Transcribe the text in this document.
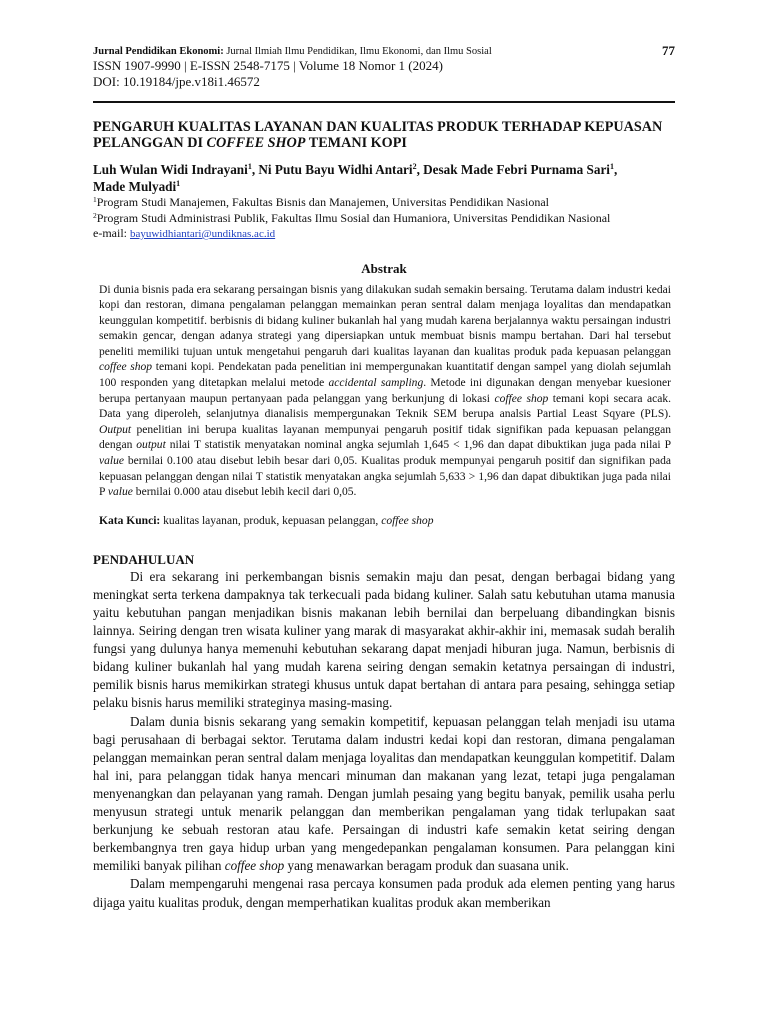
Jurnal Pendidikan Ekonomi: Jurnal Ilmiah Ilmu Pendidikan, Ilmu Ekonomi, dan Ilmu Sosial	77
ISSN 1907-9990 | E-ISSN 2548-7175 | Volume 18 Nomor 1 (2024)
DOI: 10.19184/jpe.v18i1.46572
PENGARUH KUALITAS LAYANAN DAN KUALITAS PRODUK TERHADAP KEPUASAN PELANGGAN DI COFFEE SHOP TEMANI KOPI
Luh Wulan Widi Indrayani$^1$, Ni Putu Bayu Widhi Antari$^2$, Desak Made Febri Purnama Sari$^1$,
Made Mulyadi$^1$
$^1$Program Studi Manajemen, Fakultas Bisnis dan Manajemen, Universitas Pendidikan Nasional
$^2$Program Studi Administrasi Publik, Fakultas Ilmu Sosial dan Humaniora, Universitas Pendidikan Nasional
e-mail: bayuwidhiantari@undiknas.ac.id
Abstrak
Di dunia bisnis pada era sekarang persaingan bisnis yang dilakukan sudah semakin bersaing. Terutama dalam industri kedai kopi dan restoran, dimana pengalaman pelanggan memainkan peran sentral dalam menjaga loyalitas dan mendapatkan keunggulan kompetitif. berbisnis di bidang kuliner bukanlah hal yang mudah karena berjalannya waktu persaingan industri semakin gencar, dengan adanya strategi yang dipersiapkan untuk membuat bisnis mampu bertahan. Dari hal tersebut peneliti memiliki tujuan untuk mengetahui pengaruh dari kualitas layanan dan kualitas produk pada kepuasan pelanggan coffee shop temani kopi. Pendekatan pada penelitian ini mempergunakan kuantitatif dengan sampel yang diolah sejumlah 100 responden yang ditetapkan melalui metode accidental sampling. Metode ini digunakan dengan menyebar kuesioner berupa pertanyaan maupun pertanyaan pada pelanggan yang berkunjung di lokasi coffee shop temani kopi secara acak. Data yang diperoleh, selanjutnya dianalisis mempergunakan Teknik SEM berupa analsis Partial Least Sqyare (PLS). Output penelitian ini berupa kualitas layanan mempunyai pengaruh positif tidak signifikan pada kepuasan pelanggan dengan output nilai T statistik menyatakan nominal angka sejumlah 1,645 < 1,96 dan dapat dibuktikan juga pada nilai P value bernilai 0.100 atau disebut lebih besar dari 0,05. Kualitas produk mempunyai pengaruh positif dan signifikan pada kepuasan pelanggan dengan nilai T statistik menyatakan angka sejumlah 5,633 > 1,96 dan dapat dibuktikan juga pada nilai P value bernilai 0.000 atau disebut lebih kecil dari 0,05.
Kata Kunci: kualitas layanan, produk, kepuasan pelanggan, coffee shop
PENDAHULUAN

Di era sekarang ini perkembangan bisnis semakin maju dan pesat, dengan berbagai bidang yang meningkat serta terkena dampaknya tak terkecuali pada bidang kuliner. Salah satu kebutuhan utama manusia yaitu kebutuhan pangan menjadikan bisnis makanan lebih bernilai dan berpeluang dibandingkan bisnis lainnya. Seiring dengan tren wisata kuliner yang marak di masyarakat akhir-akhir ini, memasak sudah beralih fungsi yang dulunya hanya memenuhi kebutuhan sekarang dapat menjadi hiburan juga. Namun, berbisnis di bidang kuliner bukanlah hal yang mudah karena seiring dengan semakin ketatnya persaingan di industri, pemilik bisnis harus memikirkan strategi khusus untuk dapat bertahan di antara para pesaing, sehingga setiap pelaku bisnis harus memiliki strateginya masing-masing.

Dalam dunia bisnis sekarang yang semakin kompetitif, kepuasan pelanggan telah menjadi isu utama bagi perusahaan di berbagai sektor. Terutama dalam industri kedai kopi dan restoran, dimana pengalaman pelanggan memainkan peran sentral dalam menjaga loyalitas dan mendapatkan keunggulan kompetitif. Dalam hal ini, para pelanggan tidak hanya mencari minuman dan makanan yang lezat, tetapi juga pengalaman menyenangkan dan pelayanan yang ramah. Dengan jumlah pesaing yang begitu banyak, pemilik usaha perlu menyusun strategi untuk menarik pelanggan dan memberikan pengalaman yang tidak terlupakan saat berkunjung ke sebuah restoran atau kafe. Persaingan di industri kafe semakin ketat seiring dengan berkembangnya tren gaya hidup urban yang mengedepankan pengalaman konsumen. Para pelanggan kini memiliki banyak pilihan coffee shop yang menawarkan beragam produk dan suasana unik.

Dalam mempengaruhi mengenai rasa percaya konsumen pada produk ada elemen penting yang harus dijaga yaitu kualitas produk, dengan memperhatikan kualitas produk akan memberikan
